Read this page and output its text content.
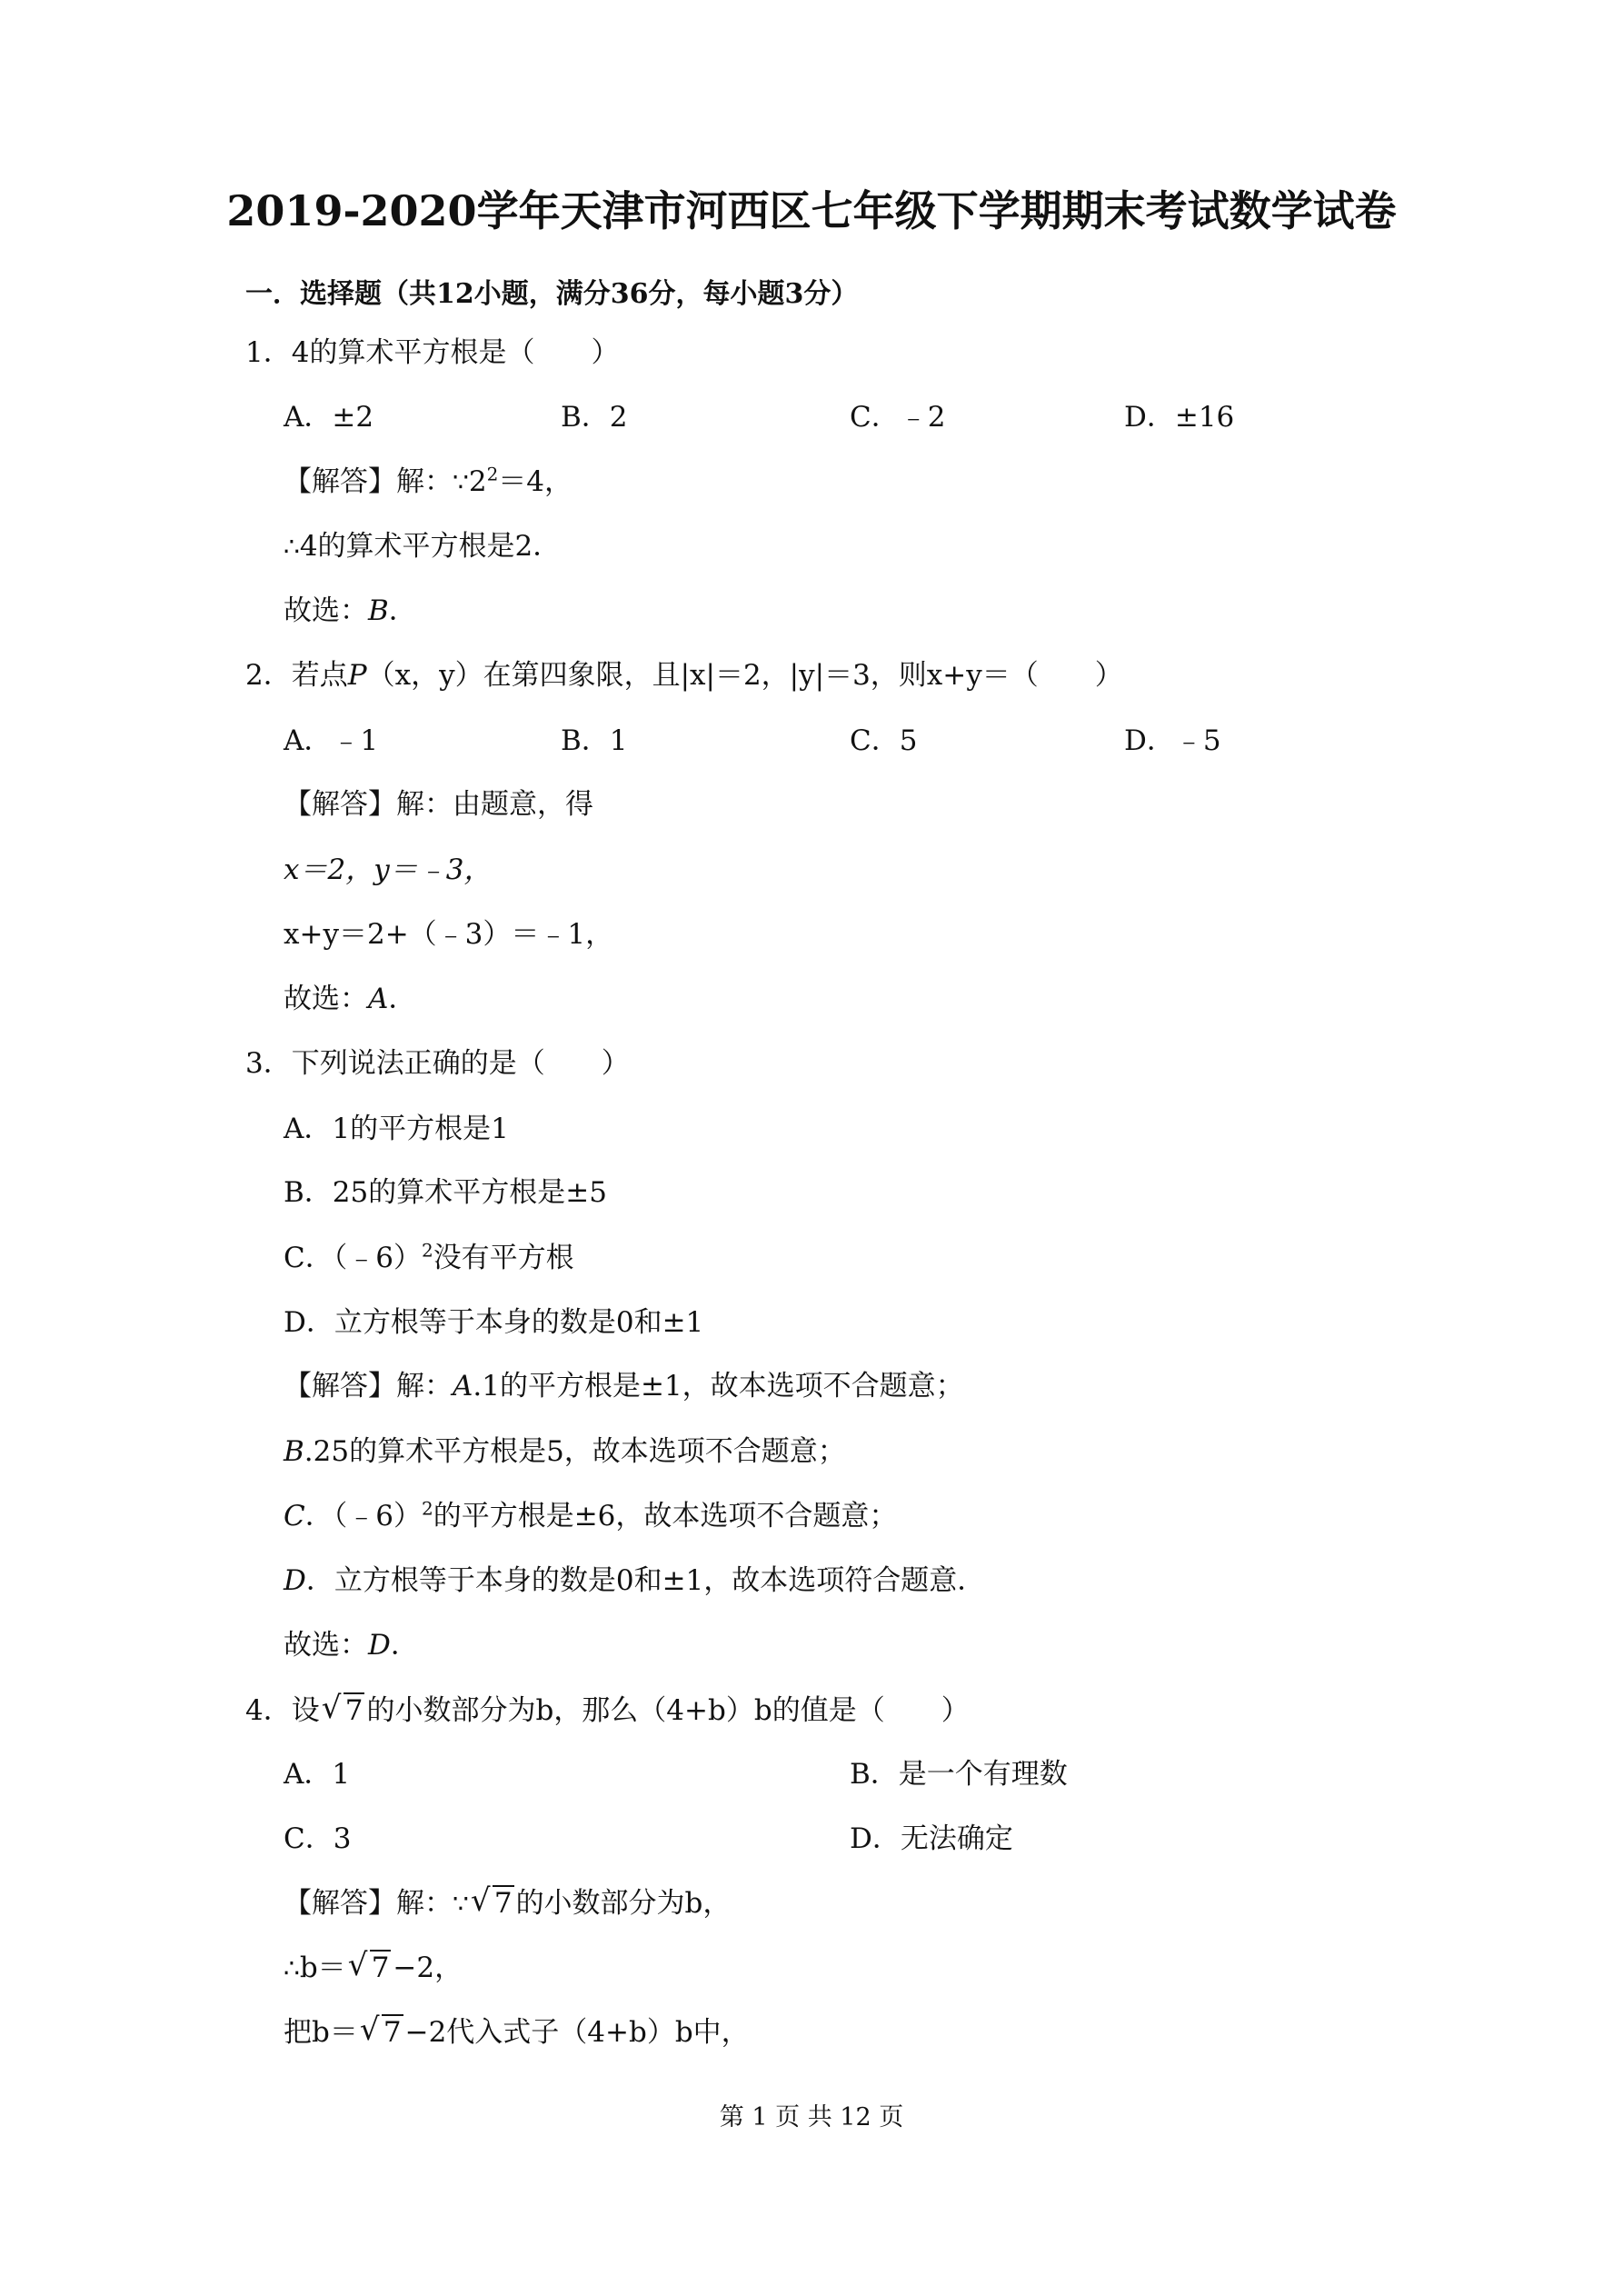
2019-2020学年天津市河西区七年级下学期期末考试数学试卷
一．选择题（共12小题，满分36分，每小题3分）
1．4的算术平方根是（　　）
A．±2	B．2	C．﹣2	D．±16
【解答】解：$\because 2^2=4$，
∴4的算术平方根是2．
故选：B．
2．若点P（x，y）在第四象限，且|x|＝2，|y|＝3，则x+y＝（　　）
A．﹣1	B．1	C．5	D．﹣5
【解答】解：由题意，得
x＝2，y＝﹣3，
x+y＝2+（﹣3）＝﹣1，
故选：A．
3．下列说法正确的是（　　）
A．1的平方根是1
B．25的算术平方根是±5
C．（﹣6）$^2$没有平方根
D．立方根等于本身的数是0和±1
【解答】解：A.1的平方根是±1，故本选项不合题意；
B.25的算术平方根是5，故本选项不合题意；
C．（﹣6）$^2$的平方根是±6，故本选项不合题意；
D．立方根等于本身的数是0和±1，故本选项符合题意．
故选：D．
4．设 √ 7 的小数部分为b，那么（4+b）b的值是（　　）
A．1	B．是一个有理数
C．3	D．无法确定
【解答】解：∵ √ 7 的小数部分为b，
∴b＝ √ 7 −2，
把b＝ √ 7 −2代入式子（4+b）b中，
第 1 页 共 12 页
